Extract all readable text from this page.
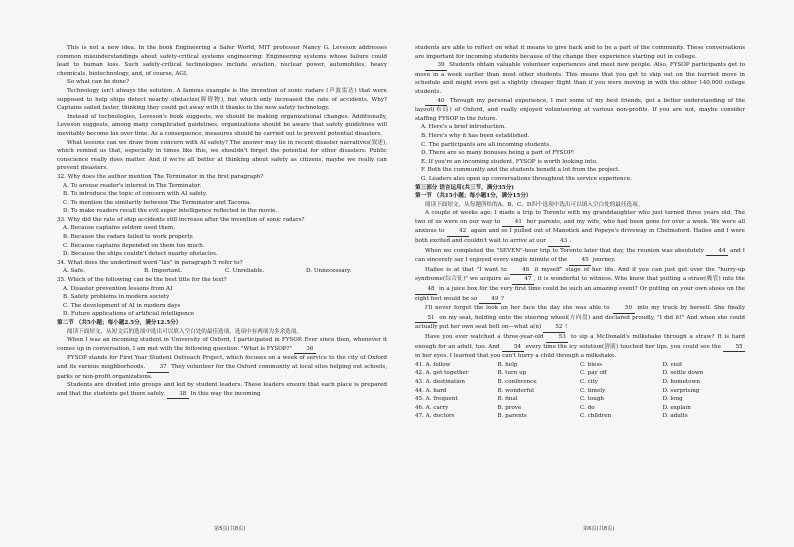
This is not a new idea. In the book Engineering a Safer World, MIT professor Nancy G. Leveson addresses common misunderstandings about safety-critical systems engineering: Engineering systems whose failure could lead to human loss. Such safety-critical technologies include aviation, nuclear power, automobiles, heavy chemicals, biotechnology, and, of course, AGI.

So what can be done?

Technology isn't always the solution. A famous example is the invention of sonic radars (声波雷达) that were supposed to help ships detect nearby obstacles(障碍物), but which only increased the rate of accidents. Why? Captains sailed faster, thinking they could get away with it thanks to the new safety technology.

Instead of technologies, Leveson's book suggests, we should be making organizational changes. Additionally, Leveson suggests, among many complicated guidelines, organizations should be aware that safety guidelines will inevitably become lax over time. As a consequence, measures should be carried out to prevent potential disasters.

What lessons can we draw from concern with AI safety? The answer may lie in recent disaster narratives(叙述), which remind us that, especially in times like this, we shouldn't forget the potential for other disasters. Public conscience really does matter. And if we're all better at thinking about safety as citizens, maybe we really can prevent disasters.

32. Why does the author mention The Terminator in the first paragraph?

A. To arouse reader's interest in The Terminator.

B. To introduce the topic of concern with AI safety.

C. To mention the similarity between The Terminator and Tacoma.

D. To make readers recall the evil super intelligence reflected in the movie.

33. Why did the rate of ship accidents still increase after the invention of sonic radars?

A. Because captains seldom used them.

B. Because the radars failed to work properly.

C. Because captains depended on them too much.

D. Because the ships couldn't detect nearby obstacles.

34. What does the underlined word "lax" in paragraph 5 refer to?

A. Safe.	B. Important.	C. Unreliable.	D. Unnecessary.

35. Which of the following can be the best title for the text?

A. Disaster prevention lessons from AI

B. Safety problems in modern society

C. The development of AI in modern days

D. Future applications of artificial intelligence

第二节 （共5小题；每小题2.5分，满分12.5分）

阅读下面短文，从短文后的选项中选出可以填入空白处的最佳选项。选项中有两项为多余选项。

When I was an incoming student in University of Oxford, I participated in FYSOP. Ever since then, whenever it comes up in conversation, I am met with the following question: "What is FYSOP?"	36

FYSOP stands for First Year Student Outreach Project, which focuses on a week of service to the city of Oxford and its various neighborhoods.	37 They volunteer for the Oxford community at local sites helping out schools, parks or non-profit organizations.

Students are divided into groups and led by student leaders. These leaders ensure that each place is prepared and that the students get there safely.	38 In this way the incoming

students are able to reflect on what it means to give back and to be a part of the community. These conversations are important for incoming students because of the change they experience starting out in college.

39 Students obtain valuable volunteer experiences and meet new people. Also, FYSOP participants get to move in a week earlier than most other students. This means that you get to skip out on the hurried move in schedule and might even get a slightly cheaper flight than if you were moving in with the other 140,000 college students.

40 Through my personal experience, I met some of my best friends, got a better understanding of the layout(布局) of Oxford, and really enjoyed volunteering at various non-profits. If you are not, maybe consider staffing FYSOP in the future.

A. Here's a brief introduction.

B. Here's why it has been established.

C. The participants are all incoming students.

D. There are so many bonuses being a part of FYSOP!

E. If you're an incoming student, FYSOP is worth looking into.

F. Both the community and the students benefit a lot from the project.

G. Leaders also open up conversations throughout the service experience.

第三部分 语言运用(共三节，满分35分)

第一节 （共15小题；每小题1分，满分15分）

阅读下面短文，从每题所给的A、B、C、D四个选项中选出可以填入空白处的最佳选项。

A couple of weeks ago, I made a trip to Toronto with my granddaughter who just turned three years old. The two of us were on our way to 41 her parents, and my wife, who had been gone for over a week. We were all anxious to 42 again and so I pulled out of Manotick and Popeye's driveway in Chelmsford. Hailee and I were both excited and couldn't wait to arrive at our 43 .

When we completed the "SEVEN"-hour trip to Toronto later that day, the reunion was absolutely 44 and I can sincerely say I enjoyed every single minute of the 45 journey.

Hailee is at that "I want to 46 it myself" stage of her life. And if you can just get over the "hurry-up syndrome(综合征)" we acquire as 47 , it is wonderful to witness. Who knew that putting a straw(吸管) into the 48 in a juice box for the very first time could be such an amazing event? Or putting on your own shoes on the right feet would be so 49 ?

I'll never forget the look on her face the day she was able to 50 into my truck by herself. She finally 51 on my seat, holding onto the steering wheel(方向盘) and declared proudly, "I did it!" And when she could actually put her own seat belt on—what a(n) 52 !

Have you ever watched a three-year-old 53 to sip a McDonald's milkshake through a straw? It is hard enough for an adult, too. And 54 every time the icy solution(溶液) touched her lips, you could see the 55 in her eyes. I learned that you can't hurry a child through a milkshake.

41. A. follow	B. help	C. bless	D. visit
42. A. get together	B. turn up	C. pay off	D. settle down
43. A. destination	B. conference	C. city	D. hometown
44. A. hard	B. wonderful	C. timely	D. surprising
45. A. frequent	B. final	C. tough	D. long
46. A. carry	B. prove	C. do	D. explain
47. A. doctors	B. parents	C. children	D. adults
第5页(共8页)	第6页(共8页)
